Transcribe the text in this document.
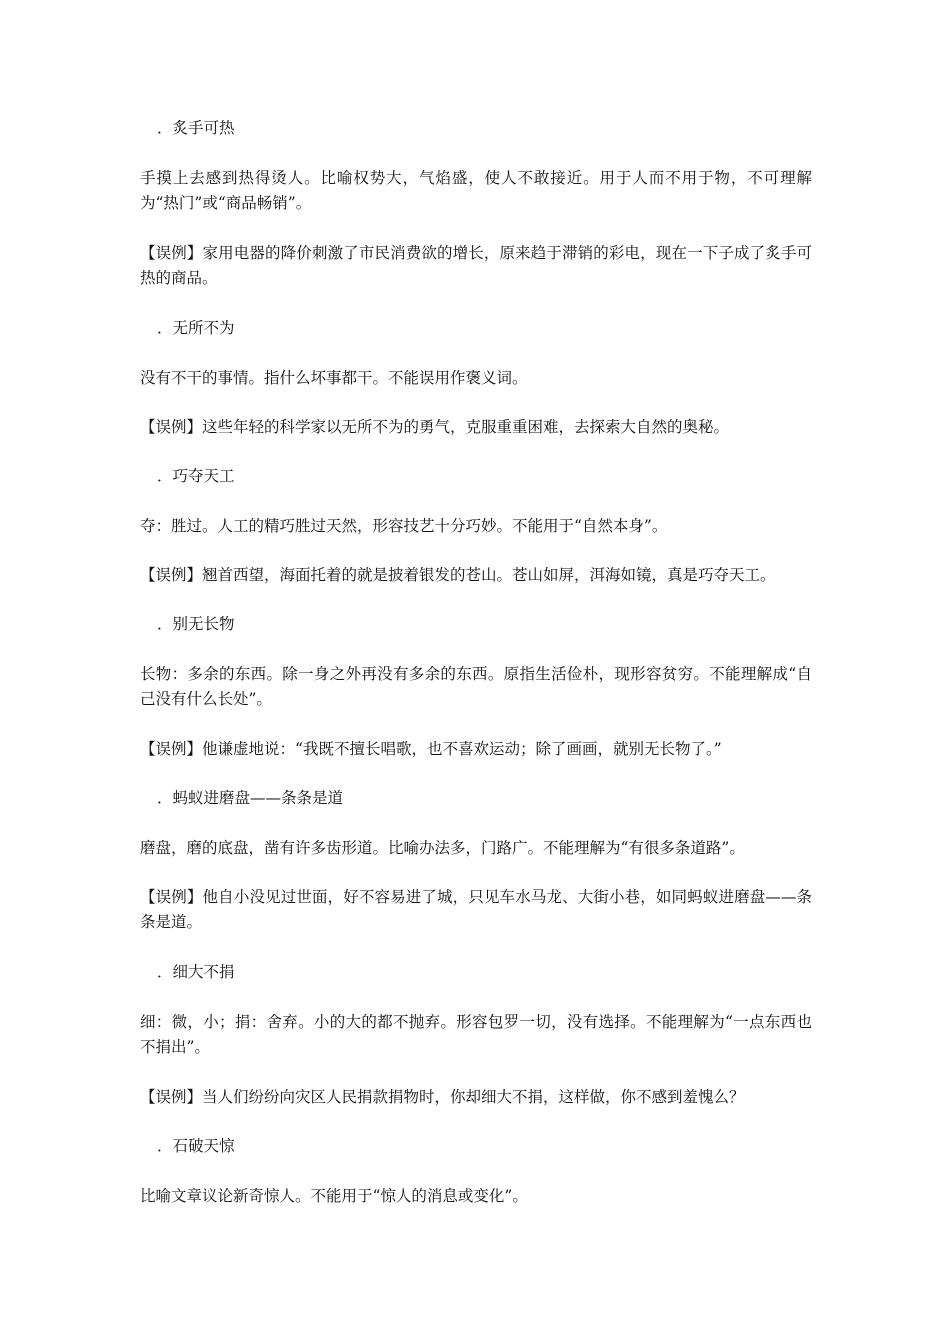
．炙手可热

手摸上去感到热得烫人。比喻权势大，气焰盛，使人不敢接近。用于人而不用于物，不可理解为“热门”或“商品畅销”。

【误例】家用电器的降价刺激了市民消费欲的增长，原来趋于滞销的彩电，现在一下子成了炙手可热的商品。

．无所不为

没有不干的事情。指什么坏事都干。不能误用作褒义词。

【误例】这些年轻的科学家以无所不为的勇气，克服重重困难，去探索大自然的奥秘。

．巧夺天工

夺：胜过。人工的精巧胜过天然，形容技艺十分巧妙。不能用于“自然本身”。

【误例】翘首西望，海面托着的就是披着银发的苍山。苍山如屏，洱海如镜，真是巧夺天工。

．别无长物

长物：多余的东西。除一身之外再没有多余的东西。原指生活俭朴，现形容贫穷。不能理解成“自己没有什么长处”。

【误例】他谦虚地说：“我既不擅长唱歌，也不喜欢运动；除了画画，就别无长物了。”

．蚂蚁进磨盘——条条是道

磨盘，磨的底盘，凿有许多齿形道。比喻办法多，门路广。不能理解为“有很多条道路”。

【误例】他自小没见过世面，好不容易进了城，只见车水马龙、大街小巷，如同蚂蚁进磨盘——条条是道。

．细大不捐

细：微，小；捐：舍弃。小的大的都不抛弃。形容包罗一切，没有选择。不能理解为“一点东西也不捐出”。

【误例】当人们纷纷向灾区人民捐款捐物时，你却细大不捐，这样做，你不感到羞愧么？

．石破天惊

比喻文章议论新奇惊人。不能用于“惊人的消息或变化”。
